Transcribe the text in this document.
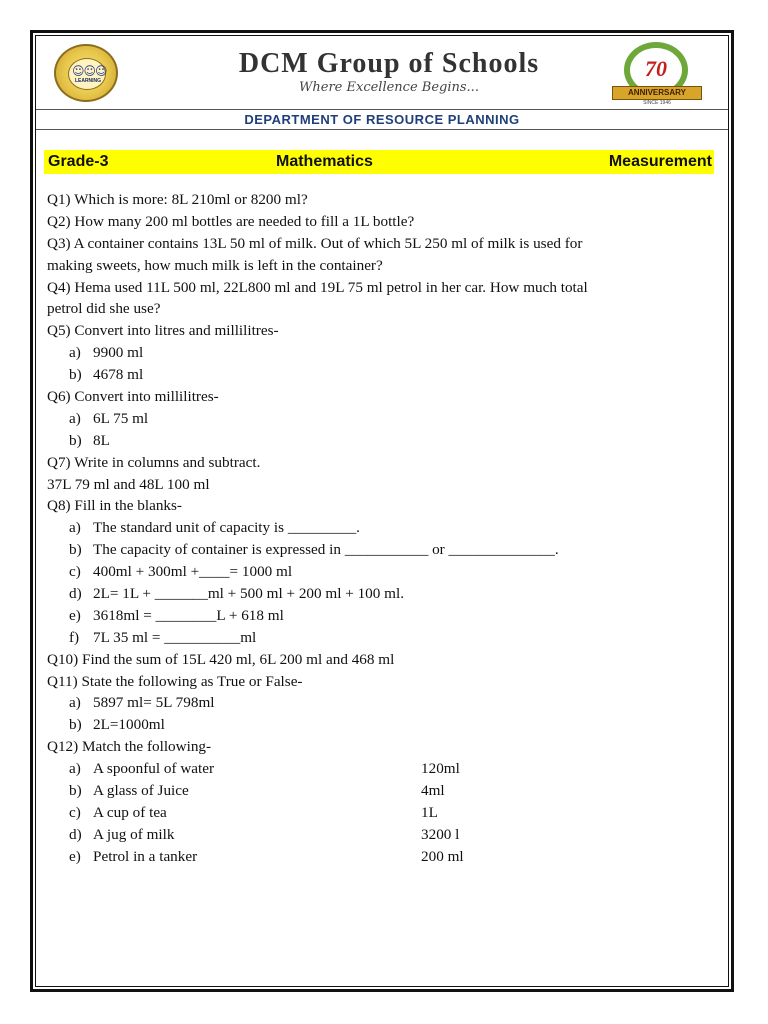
☺☺☺
LEARNING
DCM Group of Schools
Where Excellence Begins...
70
ANNIVERSARY
SINCE 1946
DEPARTMENT OF RESOURCE PLANNING
Grade-3	Mathematics	Measurement
Q1) Which is more: 8L 210ml or 8200 ml?
Q2) How many 200 ml bottles are needed to fill a 1L bottle?
Q3) A container contains 13L 50 ml of milk. Out of which 5L 250 ml of milk is used for
making sweets, how much milk is left in the container?
Q4) Hema used 11L 500 ml, 22L800 ml and 19L 75 ml petrol in her car. How much total
petrol did she use?
Q5) Convert into litres and millilitres-
a) 9900 ml
b) 4678 ml
Q6) Convert into millilitres-
a) 6L 75 ml
b) 8L
Q7) Write in columns and subtract.
37L 79 ml and 48L 100 ml
Q8) Fill in the blanks-
a) The standard unit of capacity is _________.
b) The capacity of container is expressed in ___________ or ______________.
c) 400ml + 300ml +____= 1000 ml
d) 2L= 1L + _______ml + 500 ml + 200 ml + 100 ml.
e) 3618ml = ________L + 618 ml
f) 7L 35 ml = __________ml
Q10) Find the sum of 15L 420 ml, 6L 200 ml and 468 ml
Q11) State the following as True or False-
a) 5897 ml= 5L 798ml
b) 2L=1000ml
Q12) Match the following-
a) A spoonful of water	120ml
b) A glass of Juice	4ml
c) A cup of tea	1L
d) A jug of milk	3200 l
e) Petrol in a tanker	200 ml
